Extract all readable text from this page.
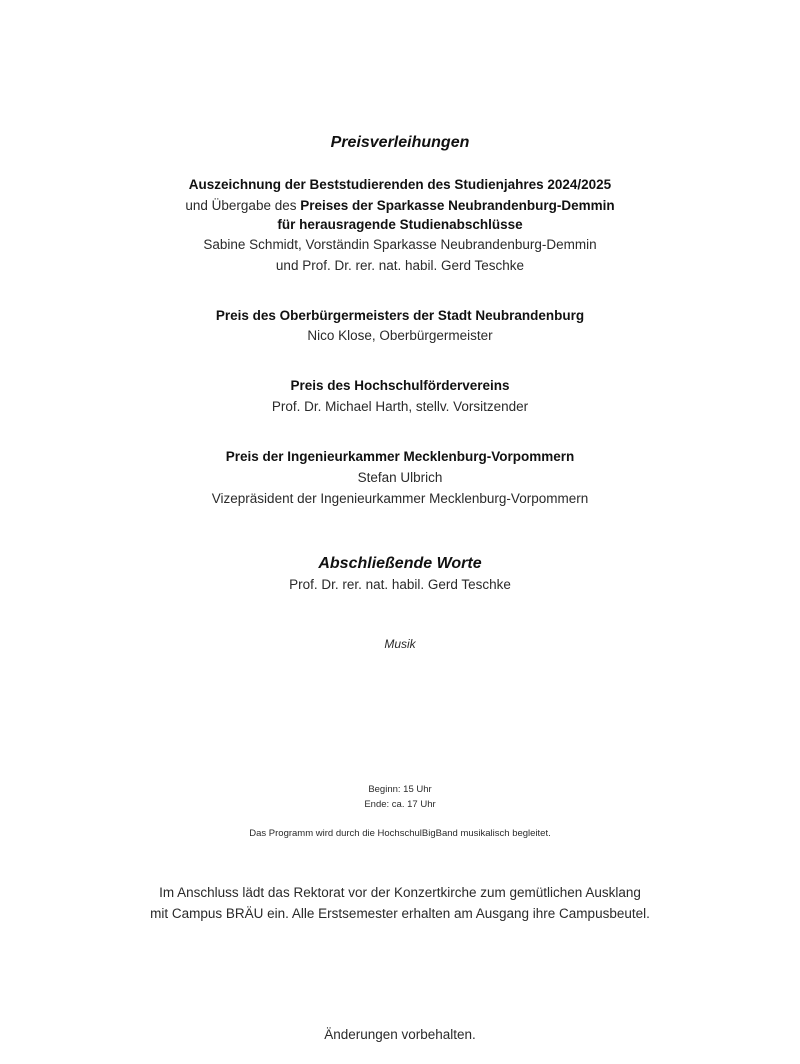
Preisverleihungen
Auszeichnung der Beststudierenden des Studienjahres 2024/2025
und Übergabe des Preises der Sparkasse Neubrandenburg-Demmin
für herausragende Studienabschlüsse
Sabine Schmidt, Vorständin Sparkasse Neubrandenburg-Demmin
und Prof. Dr. rer. nat. habil. Gerd Teschke
Preis des Oberbürgermeisters der Stadt Neubrandenburg
Nico Klose, Oberbürgermeister
Preis des Hochschulfördervereins
Prof. Dr. Michael Harth, stellv. Vorsitzender
Preis der Ingenieurkammer Mecklenburg-Vorpommern
Stefan Ulbrich
Vizepräsident der Ingenieurkammer Mecklenburg-Vorpommern
Abschließende Worte
Prof. Dr. rer. nat. habil. Gerd Teschke
Musik
Beginn: 15 Uhr
Ende: ca. 17 Uhr
Das Programm wird durch die HochschulBigBand musikalisch begleitet.
Im Anschluss lädt das Rektorat vor der Konzertkirche zum gemütlichen Ausklang
mit Campus BRÄU ein. Alle Erstsemester erhalten am Ausgang ihre Campusbeutel.
Änderungen vorbehalten.
